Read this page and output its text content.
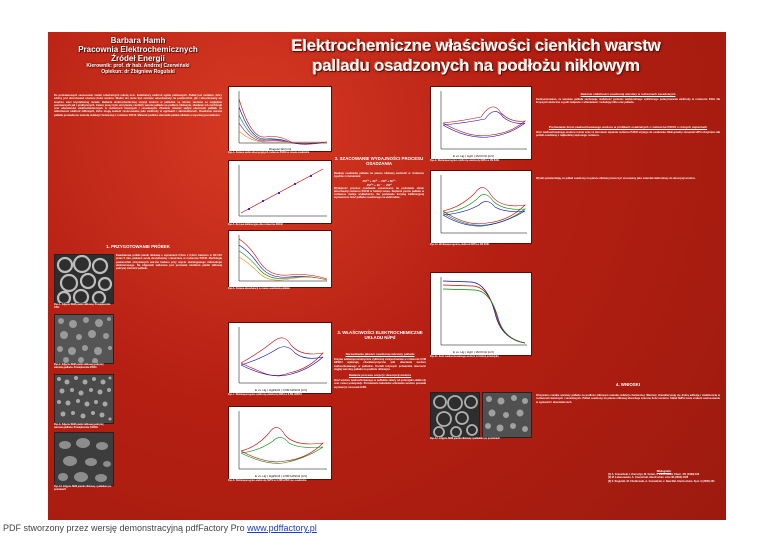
Barbara Hamh
Pracownia Elektrochemicznych
Źródeł Energii
Kierownik: prof. dr hab. Andrzej Czerwiński
Opiekun: dr Zbigniew Rogulski
Elektrochemiczne właściwości cienkich warstw
palladu osadzonych na podłożu niklowym
Do podstawowych zastosowań metali szlachetnych należą m.in. katalizatory elektrod ogniw paliwowych. Pallad jest metalem, który zdolny jest absorbować znaczne ilości wodoru. Wodór ten może być zarówno adsorbowany na powierzchni, jak i absorbowany we wnętrzu sieci krystalicznej metalu. Badania elektrochemicznej sorpcji wodoru w palladzie są istotne zarówno ze względów poznawczych jak i praktycznych. Celem pracy było otrzymanie cienkich warstw palladu na podłożu niklowym, zbadanie ich morfologii oraz właściwości elektrochemicznych w roztworach kwaśnych i zasadowych. Zbadano również wpływ obecności palladu na właściwości elektrod niklowych, które mogą znaleźć zastosowanie jako elektrody w ogniwach i akumulatorach. Osadzanie warstw palladu prowadzono metodą redukcji chemicznej z roztworu PdCl2. Materiał podłoża stanowiła pianka niklowa o wysokiej porowatości.
1. PRZYGOTOWANIE PRÓBEK
Rys.1. Zdjęcie SEM pianki niklowej. Powiększenie 100x
Rys.2. Zdjęcie SEM pianki niklowej pokrytej warstwą palladu. Powiększenie 2500x
Rys.3. Zdjęcie SEM pianki niklowej pokrytej warstwą palladu. Powiększenie 10000x
Rys.13. Zdjęcie SEM pianki niklowej z palladem po pomiarach
Kwadratowe próbki pianki niklowej o wymiarach 0,5cm x 0,5cm trawiono w 1M HCl przez 5 min, płukano wodą destylowaną i zanurzano w roztworze PdCl2. Morfologię powierzchni otrzymanych warstw badano przy użyciu skaningowego mikroskopu elektronowego. Na zdjęciach widoczna jest porowata struktura pianki niklowej pokrytej ziarnami palladu.
Długość fali [nm]
Rys.4. Zmiana widm absorpcyjnych roztworu PdCl2 w czasie osadzania
Rys.5. Krzywa kalibracyjna dla roztworów PdCl2
Rys.6. Zmiana absorbancji w czasie osadzania palladu
2. SZACOWANIE WYDAJNOŚCI PROCESU OSADZANIA
Reakcja osadzania palladu na piance niklowej zachodzi w roztworze zgodnie z równaniem:
Pd²⁺ + Ni⁰ → Pd⁰ + Ni²⁺
Pd²⁺ + 2e⁻ → Pd⁰
Wydajność procesu osadzania oszacowano na podstawie zmian absorbancji roztworu PdCl2 w funkcji czasu. Stężenie jonów palladu w roztworze maleje wykładniczo. Na podstawie krzywej kalibracyjnej wyznaczono ilość palladu osadzonego na elektrodzie.
E vs. Hg | Hg2SO4 | 0,5M H2SO4 [mV]
Rys.7. Woltamperogram cykliczny elektrody Ni/Pd w 0,5M H2SO4
E vs. Hg | Hg2SO4 | 0,5M H2SO4 [mV]
Rys.8. Woltamperogram elektrody Ni/Pd w 0,5M H2SO4 po osadzaniu
3. WŁAŚCIWOŚCI ELEKTROCHEMICZNE UKŁADU Ni/Pd
Sprawdzanie jakości osadzonej warstwy palladu
Krzywe woltamperometryczne cyklicznej zarejestrowane w roztworze 0,5M H2SO4 wykazują charakterystyczne piki utleniania wodoru zaabsorbowanego w palladzie. Kształt krzywych potwierdza obecność ciągłej warstwy palladu na podłożu niklowym.
Badanie procesu sorpcji i desorpcji wodoru
Ilość wodoru zaabsorbowanego w palladzie zależy od potencjału elektrody oraz czasu polaryzacji. Porównanie ładunków utleniania wodoru pozwala wyznaczyć stosunek H/Pd.
E vs. Hg | HgO | 1M KOH [mV]
Rys.9. Woltamperogram cykliczny elektrody Ni/Pd w 1M KOH
Rys.10. Woltamperogramy elektrod Ni/Pd w 1M KOH
E vs. Hg | HgO | 1M KOH [mV]
Rys.11. Ilość zaabsorbowanego wodoru w funkcji potencjału
Rys.12. Zdjęcie SEM pianki niklowej z palladem po pomiarach
Badanie stabilności osadzonej warstwy w roztworach zasadowych
Zaobserwowano, że warstwa palladu zachowuje stabilność podczas wielokrotnego cyklicznego polaryzowania elektrody w roztworze KOH. Na krzywych widoczne są piki związane z utlenianiem i redukcją niklu oraz palladu.
Porównanie ilości zaabsorbowanego wodoru w próbkach osadzanych z roztworów PdCl2 o różnych stężeniach
Ilość zaabsorbowanego wodoru rośnie wraz ze wzrostem stężenia roztworu PdCl2 użytego do osadzania. Maksymalny stosunek H/Pd otrzymano dla próbki osadzanej z najbardziej stężonego roztworu.
Wyniki potwierdzają, że pallad osadzony na piance niklowej może być stosowany jako materiał elektrodowy do absorpcji wodoru.
4. WNIOSKI
Otrzymano cienkie warstwy palladu na podłożu niklowym metodą redukcji chemicznej. Warstwy charakteryzują się dobrą adhezją i stabilnością w roztworach kwaśnych i zasadowych. Pallad osadzony na piance niklowej absorbuje znaczne ilości wodoru. Układ Ni/Pd może znaleźć zastosowanie w ogniwach i akumulatorach.
Bibliografia:
[1] A. Czerwiński, I. Kiersztyn, M. Grdeń, J. Electroanal. Chem. 471 (1999) 190
[2] M. Łukaszewski, A. Czerwiński, Electrochim. Acta 48 (2003) 2435
[3] Z. Rogulski, M. Chotkowski, A. Czerwiński, J. New Mat. Electrochem. Syst. 9 (2006) 401
PDF stworzony przez wersję demonstracyjną pdfFactory Pro www.pdffactory.pl
